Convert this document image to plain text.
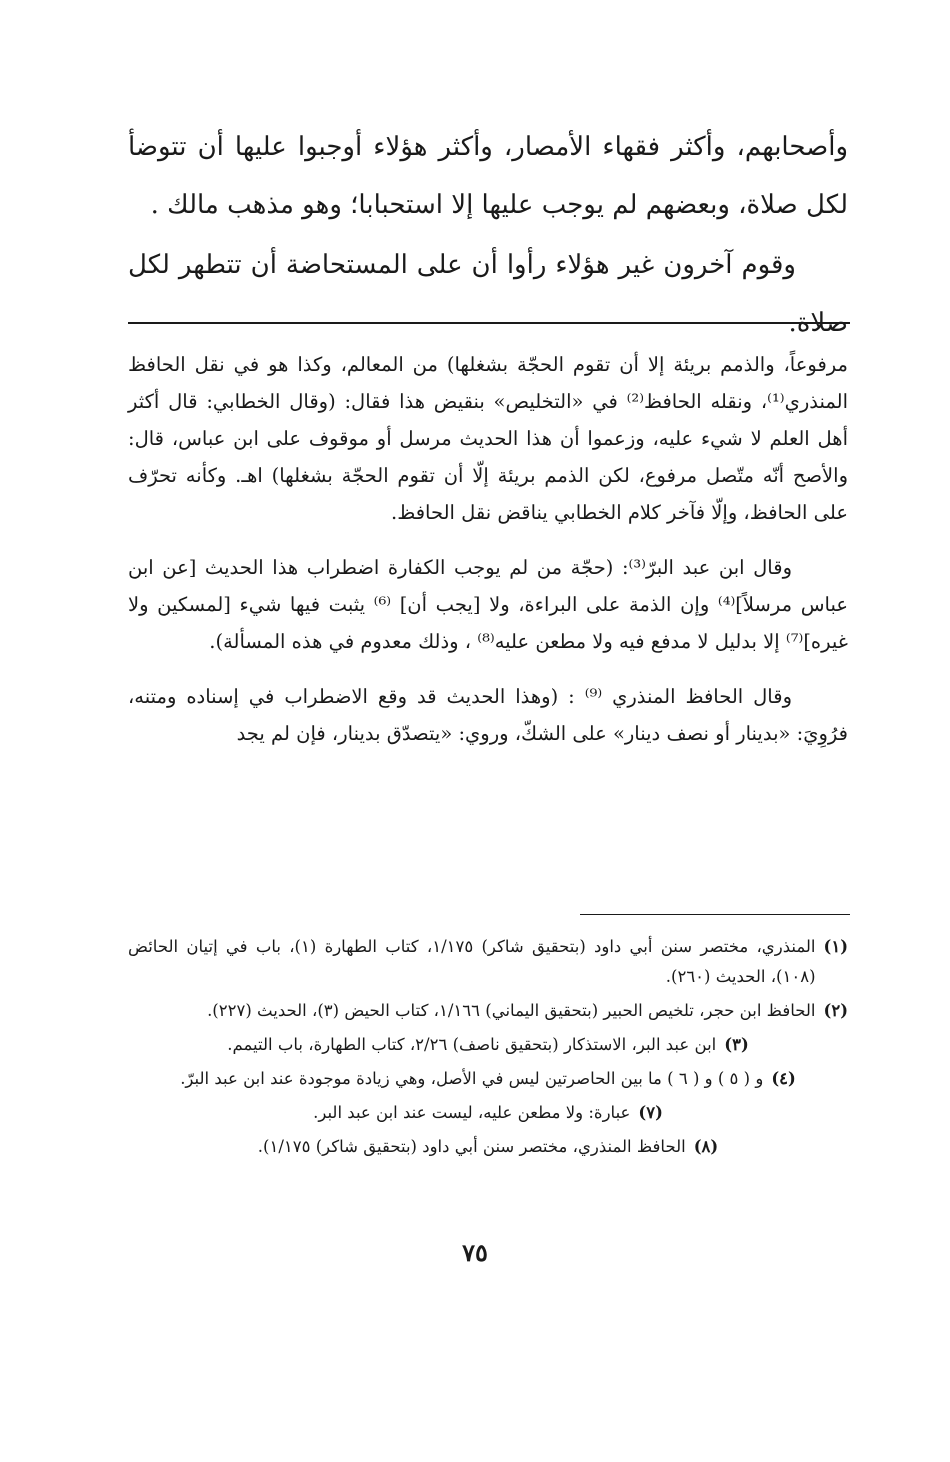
وأصحابهم، وأكثر فقهاء الأمصار، وأكثر هؤلاء أوجبوا عليها أن تتوضأ لكل صلاة، وبعضهم لم يوجب عليها إلا استحبابا؛ وهو مذهب مالك .

وقوم آخرون غير هؤلاء رأوا أن على المستحاضة أن تتطهر لكل صلاة.

مرفوعاً، والذمم بريئة إلا أن تقوم الحجّة بشغلها) من المعالم، وكذا هو في نقل الحافظ المنذري⁽¹⁾، ونقله الحافظ⁽²⁾ في «التخليص» بنقيض هذا فقال: (وقال الخطابي: قال أكثر أهل العلم لا شيء عليه، وزعموا أن هذا الحديث مرسل أو موقوف على ابن عباس، قال: والأصح أنّه متّصل مرفوع، لكن الذمم بريئة إلّا أن تقوم الحجّة بشغلها) اهـ. وكأنه تحرّف على الحافظ، وإلّا فآخر كلام الخطابي يناقض نقل الحافظ.

وقال ابن عبد البرّ⁽³⁾: (حجّة من لم يوجب الكفارة اضطراب هذا الحديث [عن ابن عباس مرسلاً]⁽⁴⁾ وإن الذمة على البراءة، ولا [يجب أن] ⁽⁶⁾ يثبت فيها شيء [لمسكين ولا غيره]⁽⁷⁾ إلا بدليل لا مدفع فيه ولا مطعن عليه⁽⁸⁾ ، وذلك معدوم في هذه المسألة).

وقال الحافظ المنذري ⁽⁹⁾ : (وهذا الحديث قد وقع الاضطراب في إسناده ومتنه، فرُوِيَ: «بدينار أو نصف دينار» على الشكّ، وروي: «يتصدّق بدينار، فإن لم يجد

(١)
المنذري، مختصر سنن أبي داود (بتحقيق شاكر) ١/١٧٥، كتاب الطهارة (١)، باب في إتيان الحائض (١٠٨)، الحديث (٢٦٠).
(٢)
الحافظ ابن حجر، تلخيص الحبير (بتحقيق اليماني) ١/١٦٦، كتاب الحيض (٣)، الحديث (٢٢٧).
(٣)
ابن عبد البر، الاستذكار (بتحقيق ناصف) ٢/٢٦، كتاب الطهارة، باب التيمم.
(٤)
و ( ٥ ) و ( ٦ ) ما بين الحاصرتين ليس في الأصل، وهي زيادة موجودة عند ابن عبد البرّ.
(٧)
عبارة: ولا مطعن عليه، ليست عند ابن عبد البر.
(٨)
الحافظ المنذري، مختصر سنن أبي داود (بتحقيق شاكر) ١/١٧٥).
٧٥
